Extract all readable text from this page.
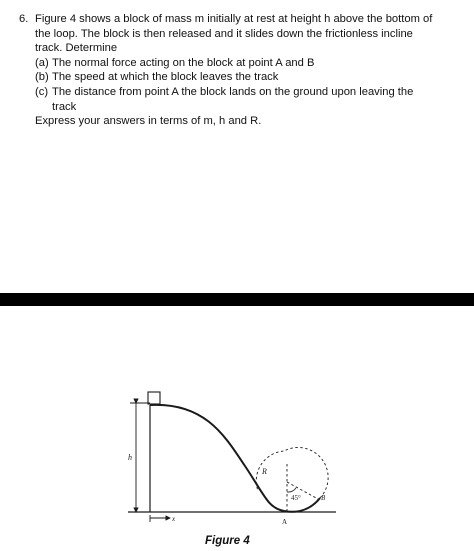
6. Figure 4 shows a block of mass m initially at rest at height h above the bottom of the loop. The block is then released and it slides down the frictionless incline track. Determine
(a) The normal force acting on the block at point A and B
(b) The speed at which the block leaves the track
(c) The distance from point A the block lands on the ground upon leaving the track
Express your answers in terms of m, h and R.
h
R
45°
A
B
x
Figure 4
